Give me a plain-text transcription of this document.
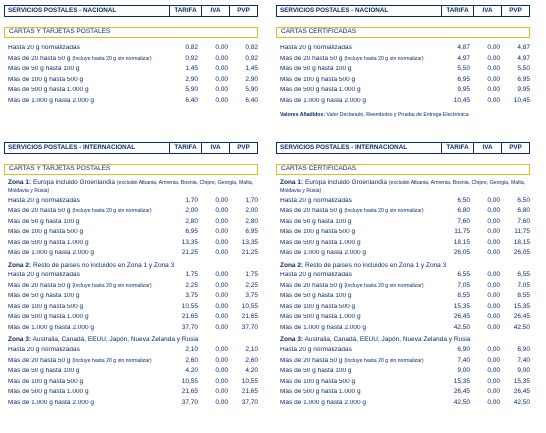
SERVICIOS POSTALES - NACIONAL	TARIFA	IVA	PVP
CARTAS Y TARJETAS POSTALES
Hasta 20 g normalizadas	0,82	0,00	0,82
Más de 20 hasta 50 g (Incluye hasta 20 g sin normalizar)	0,92	0,00	0,92
Más de 50 g hasta 100 g	1,45	0,00	1,45
Más de 100 g hasta 500 g	2,90	0,00	2,90
Más de 500 g hasta 1.000 g	5,90	0,00	5,90
Más de 1.000 g hasta 2.000 g	6,40	0,00	6,40
SERVICIOS POSTALES - NACIONAL	TARIFA	IVA	PVP
CARTAS CERTIFICADAS
Hasta 20 g normalizadas	4,87	0,00	4,87
Más de 20 hasta 50 g (Incluye hasta 20 g sin normalizar)	4,97	0,00	4,97
Más de 50 g hasta 100 g	5,50	0,00	5,50
Más de 100 g hasta 500 g	6,95	0,00	6,95
Más de 500 g hasta 1.000 g	9,95	0,00	9,95
Más de 1.000 g hasta 2.000 g	10,45	0,00	10,45
Valores Añadidos: Valor Declarado, Reembolso y Prueba de Entrega Electrónica
SERVICIOS POSTALES - INTERNACIONAL	TARIFA	IVA	PVP
CARTAS Y TARJETAS POSTALES
Zona 1: Europa incluido Groenlandia (excluido Albania, Armenia, Bosnia, Chipre, Georgia, Malta, Moldavia y Rusia)
Hasta 20 g normalizadas	1,70	0,00	1,70
Más de 20 hasta 50 g (Incluye hasta 20 g sin normalizar)	2,00	0,00	2,00
Más de 50 g hasta 100 g	2,80	0,00	2,80
Más de 100 g hasta 500 g	6,95	0,00	6,95
Más de 500 g hasta 1.000 g	13,35	0,00	13,35
Más de 1.000 g hasta 2.000 g	21,25	0,00	21,25
Zona 2: Resto de países no incluidos en Zona 1 y Zona 3
Hasta 20 g normalizadas	1,75	0,00	1,75
Más de 20 hasta 50 g (Incluye hasta 20 g sin normalizar)	2,25	0,00	2,25
Más de 50 g hasta 100 g	3,75	0,00	3,75
Más de 100 g hasta 500 g	10,55	0,00	10,55
Más de 500 g hasta 1.000 g	21,65	0,00	21,65
Más de 1.000 g hasta 2.000 g	37,70	0,00	37,70
Zona 3: Australia, Canadá, EEUU, Japón, Nueva Zelanda y Rusia
Hasta 20 g normalizadas	2,10	0,00	2,10
Más de 20 hasta 50 g (Incluye hasta 20 g sin normalizar)	2,60	0,00	2,60
Más de 50 g hasta 100 g	4,20	0,00	4,20
Más de 100 g hasta 500 g	10,55	0,00	10,55
Más de 500 g hasta 1.000 g	21,65	0,00	21,65
Más de 1.000 g hasta 2.000 g	37,70	0,00	37,70
SERVICIOS POSTALES - INTERNACIONAL	TARIFA	IVA	PVP
CARTAS CERTIFICADAS
Zona 1: Europa incluido Groenlandia (excluido Albania, Armenia, Bosnia, Chipre, Georgia, Malta, Moldavia y Rusia)
Hasta 20 g normalizadas	6,50	0,00	6,50
Más de 20 hasta 50 g (Incluye hasta 20 g sin normalizar)	6,80	0,00	6,80
Más de 50 g hasta 100 g	7,60	0,00	7,60
Más de 100 g hasta 500 g	11,75	0,00	11,75
Más de 500 g hasta 1.000 g	18,15	0,00	18,15
Más de 1.000 g hasta 2.000 g	26,05	0,00	26,05
Zona 2: Resto de países no incluidos en Zona 1 y Zona 3
Hasta 20 g normalizadas	6,55	0,00	6,55
Más de 20 hasta 50 g (Incluye hasta 20 g sin normalizar)	7,05	0,00	7,05
Más de 50 g hasta 100 g	8,55	0,00	8,55
Más de 100 g hasta 500 g	15,35	0,00	15,35
Más de 500 g hasta 1.000 g	26,45	0,00	26,45
Más de 1.000 g hasta 2.000 g	42,50	0,00	42,50
Zona 3: Australia, Canadá, EEUU, Japón, Nueva Zelanda y Rusia
Hasta 20 g normalizadas	6,90	0,00	6,90
Más de 20 hasta 50 g (Incluye hasta 20 g sin normalizar)	7,40	0,00	7,40
Más de 50 g hasta 100 g	9,00	0,00	9,00
Más de 100 g hasta 500 g	15,35	0,00	15,35
Más de 500 g hasta 1.000 g	26,45	0,00	26,45
Más de 1.000 g hasta 2.000 g	42,50	0,00	42,50
